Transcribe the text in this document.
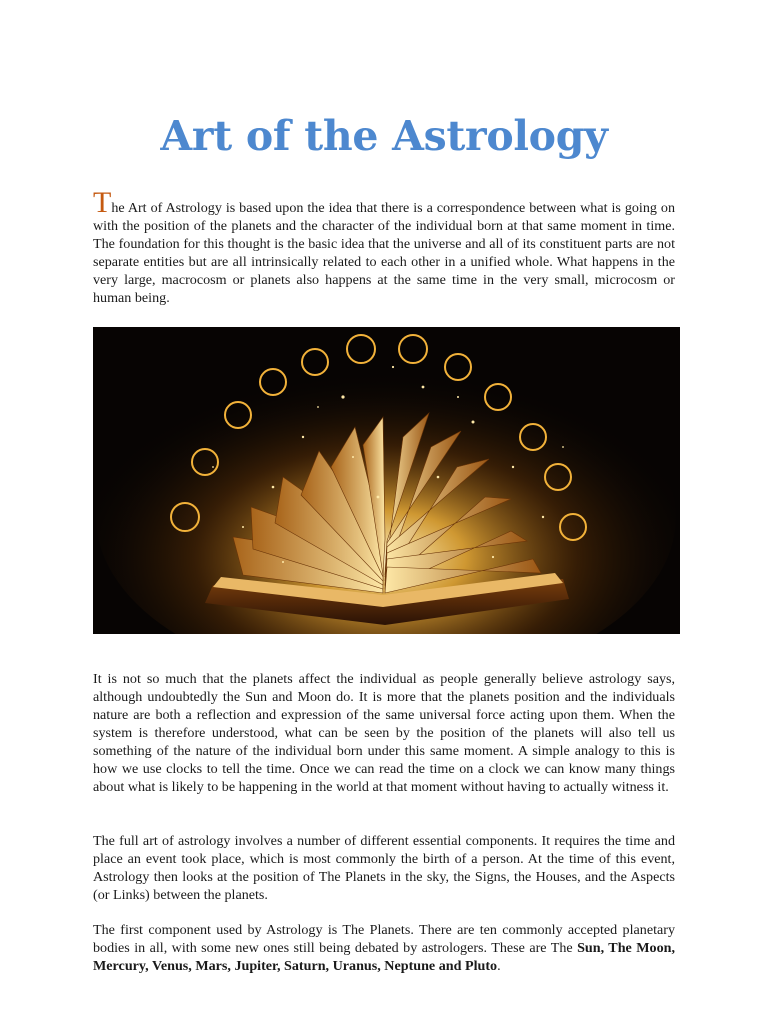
Art of the Astrology

The Art of Astrology is based upon the idea that there is a correspondence between what is going on with the position of the planets and the character of the individual born at that same moment in time. The foundation for this thought is the basic idea that the universe and all of its constituent parts are not separate entities but are all intrinsically related to each other in a unified whole. What happens in the very large, macrocosm or planets also happens at the same time in the very small, microcosm or human being.

It is not so much that the planets affect the individual as people generally believe astrology says, although undoubtedly the Sun and Moon do. It is more that the planets position and the individuals nature are both a reflection and expression of the same universal force acting upon them. When the system is therefore understood, what can be seen by the position of the planets will also tell us something of the nature of the individual born under this same moment. A simple analogy to this is how we use clocks to tell the time. Once we can read the time on a clock we can know many things about what is likely to be happening in the world at that moment without having to actually witness it.

The full art of astrology involves a number of different essential components. It requires the time and place an event took place, which is most commonly the birth of a person. At the time of this event, Astrology then looks at the position of The Planets in the sky, the Signs, the Houses, and the Aspects (or Links) between the planets.

The first component used by Astrology is The Planets. There are ten commonly accepted planetary bodies in all, with some new ones still being debated by astrologers. These are The Sun, The Moon, Mercury, Venus, Mars, Jupiter, Saturn, Uranus, Neptune and Pluto.
